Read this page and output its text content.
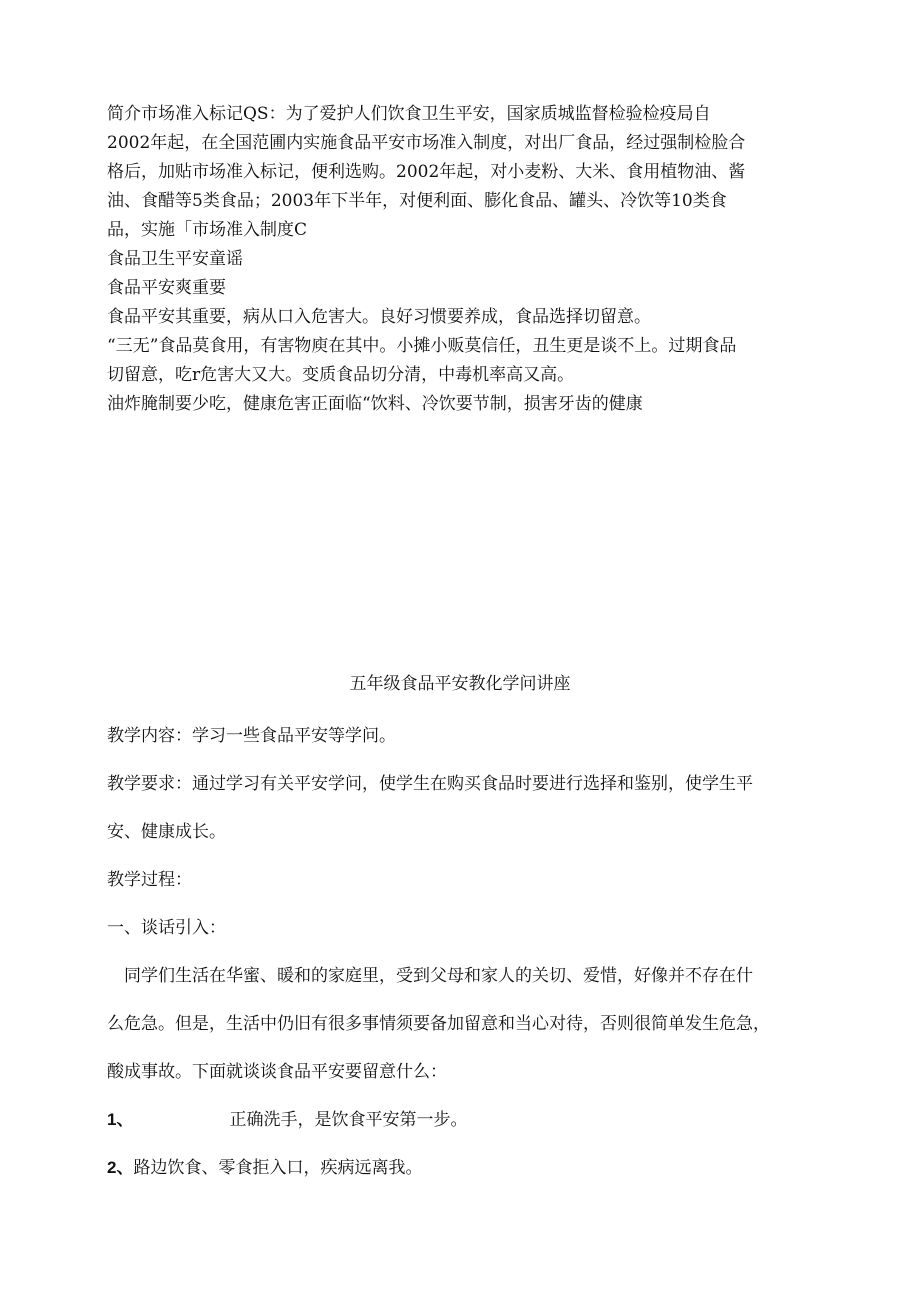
简介市场准入标记QS：为了爱护人们饮食卫生平安，国家质城监督检验检疫局自

2002年起，在全国范圃内实施食品平安市场准入制度，对出厂食品，经过强制检脸合

格后，加贴市场准入标记，便利选购。2002年起，对小麦粉、大米、食用植物油、酱

油、食醋等5类食品；2003年下半年，对便利面、膨化食品、罐头、冷饮等10类食

品，实施「市场准入制度C

食品卫生平安童谣

食品平安爽重要

食品平安其重要，病从口入危害大。良好习惯要养成，食品选择切留意。

“三无”食品莫食用，有害物庾在其中。小摊小贩莫信任，丑生更是谈不上。过期食品

切留意，吃r危害大又大。变质食品切分清，中毒机率高又高。

油炸腌制要少吃，健康危害正面临“饮料、冷饮要节制，损害牙齿的健康

五年级食品平安教化学问讲座

教学内容：学习一些食品平安等学问。

教学要求：通过学习有关平安学问，使学生在购买食品时要进行选择和鉴别，使学生平

安、健康成长。

教学过程：

一、谈话引入：

同学们生活在华蜜、暖和的家庭里，受到父母和家人的关切、爱惜，好像并不存在什

么危急。但是，生活中仍旧有很多事情须要备加留意和当心对待，否则很简单发生危急，

酸成事故。下面就谈谈食品平安要留意什么：

1、	正确洗手，是饮食平安第一步。

2、路边饮食、零食拒入口，疾病远离我。
